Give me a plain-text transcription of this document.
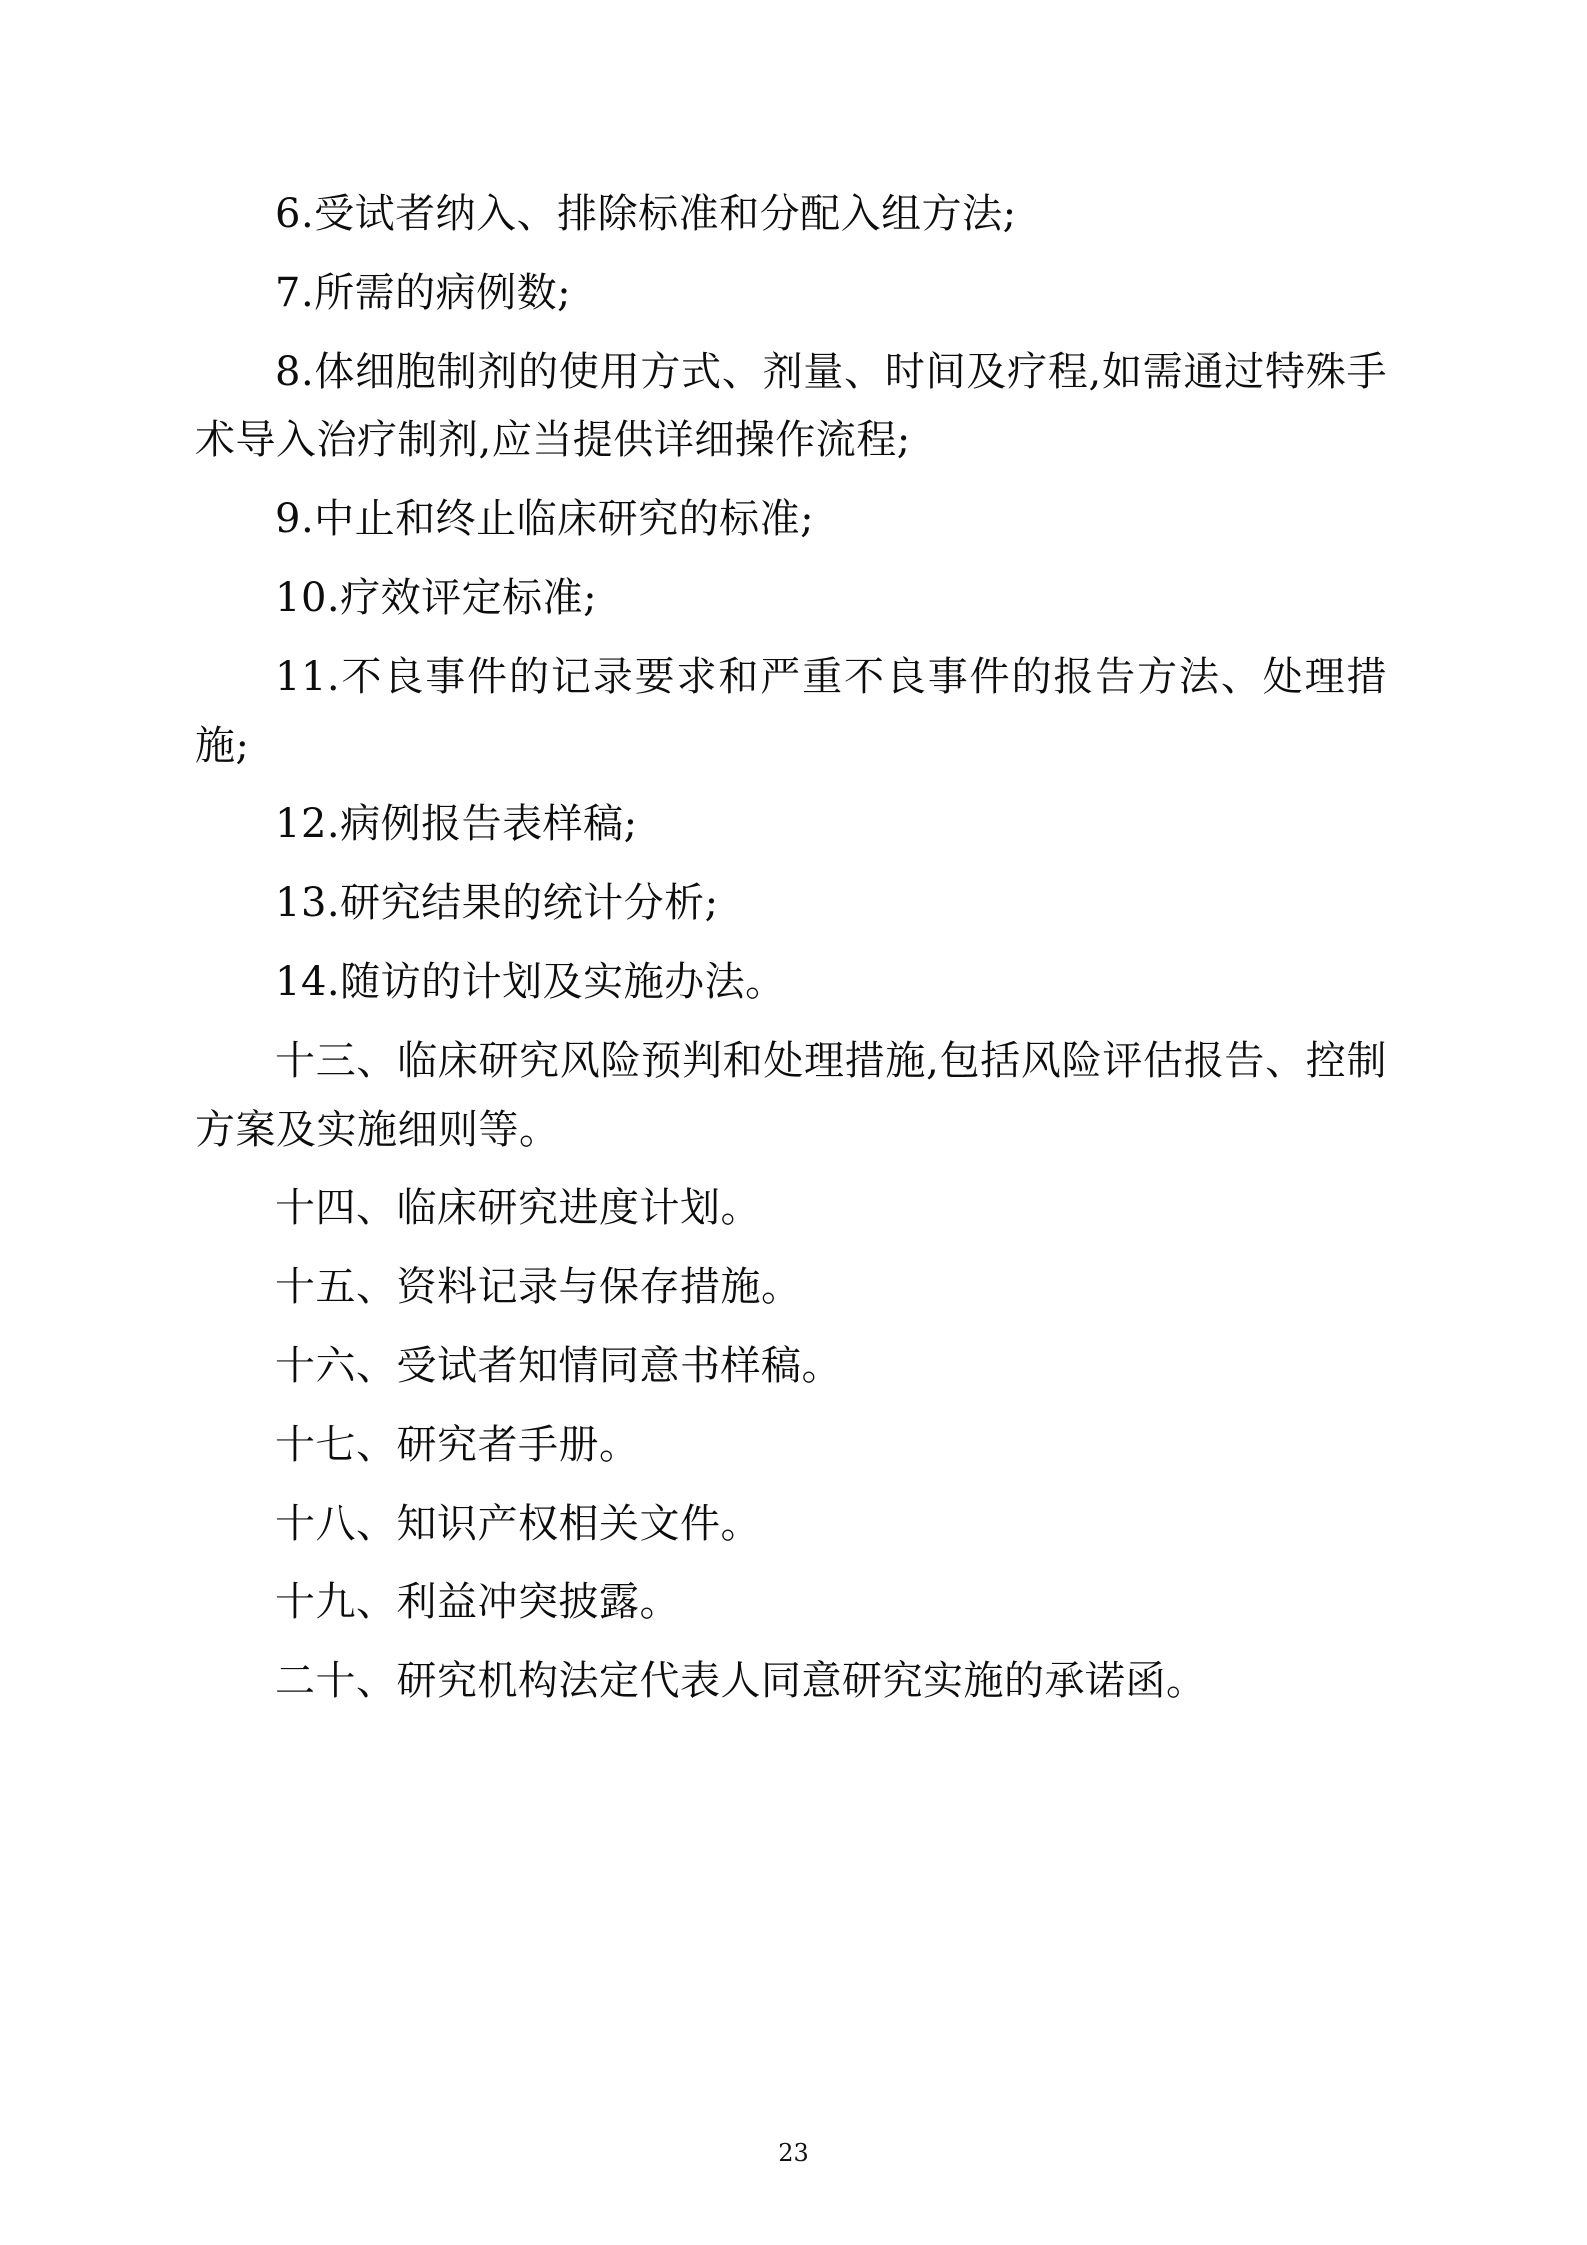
6.受试者纳入、排除标准和分配入组方法;

7.所需的病例数;

8.体细胞制剂的使用方式、剂量、时间及疗程,如需通过特殊手术导入治疗制剂,应当提供详细操作流程;

9.中止和终止临床研究的标准;

10.疗效评定标准;

11.不良事件的记录要求和严重不良事件的报告方法、处理措施;

12.病例报告表样稿;

13.研究结果的统计分析;

14.随访的计划及实施办法。

十三、临床研究风险预判和处理措施,包括风险评估报告、控制方案及实施细则等。

十四、临床研究进度计划。

十五、资料记录与保存措施。

十六、受试者知情同意书样稿。

十七、研究者手册。

十八、知识产权相关文件。

十九、利益冲突披露。

二十、研究机构法定代表人同意研究实施的承诺函。

23
